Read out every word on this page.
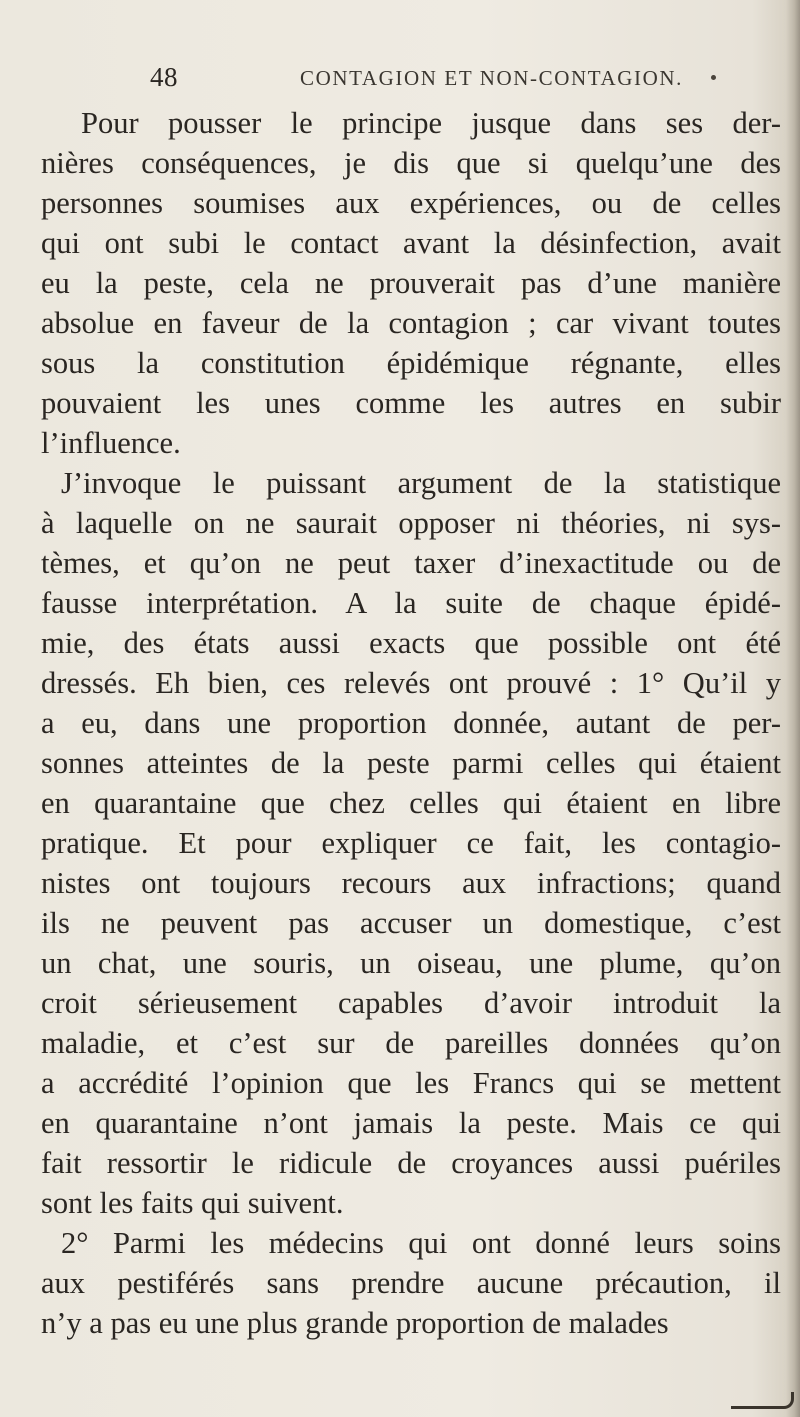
48	CONTAGION ET NON-CONTAGION.
Pour pousser le principe jusque dans ses der-
nières conséquences, je dis que si quelqu’une des
personnes soumises aux expériences, ou de celles
qui ont subi le contact avant la désinfection, avait
eu la peste, cela ne prouverait pas d’une manière
absolue en faveur de la contagion ; car vivant toutes
sous la constitution épidémique régnante, elles
pouvaient les unes comme les autres en subir
l’influence.
J’invoque le puissant argument de la statistique
à laquelle on ne saurait opposer ni théories, ni sys-
tèmes, et qu’on ne peut taxer d’inexactitude ou de
fausse interprétation. A la suite de chaque épidé-
mie, des états aussi exacts que possible ont été
dressés. Eh bien, ces relevés ont prouvé : 1° Qu’il y
a eu, dans une proportion donnée, autant de per-
sonnes atteintes de la peste parmi celles qui étaient
en quarantaine que chez celles qui étaient en libre
pratique. Et pour expliquer ce fait, les contagio-
nistes ont toujours recours aux infractions; quand
ils ne peuvent pas accuser un domestique, c’est
un chat, une souris, un oiseau, une plume, qu’on
croit sérieusement capables d’avoir introduit la
maladie, et c’est sur de pareilles données qu’on
a accrédité l’opinion que les Francs qui se mettent
en quarantaine n’ont jamais la peste. Mais ce qui
fait ressortir le ridicule de croyances aussi puériles
sont les faits qui suivent.
2° Parmi les médecins qui ont donné leurs soins
aux pestiférés sans prendre aucune précaution, il
n’y a pas eu une plus grande proportion de malades
